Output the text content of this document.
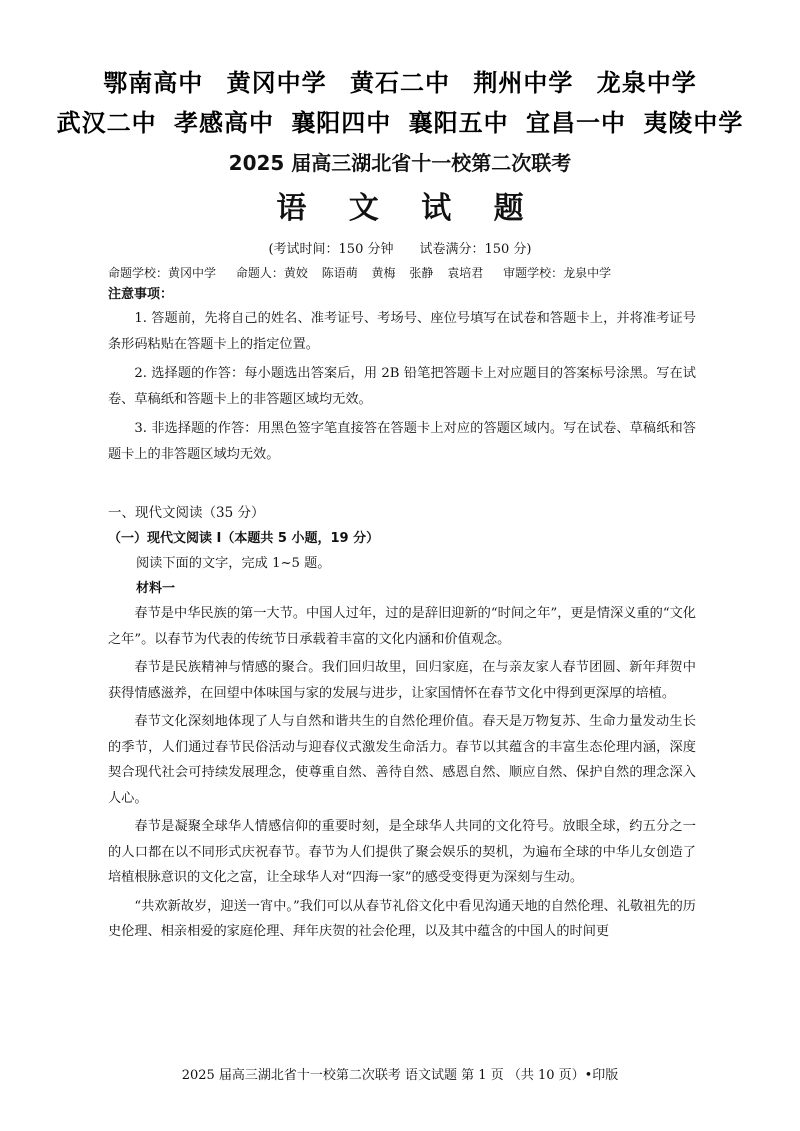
鄂南高中 黄冈中学 黄石二中 荆州中学 龙泉中学
武汉二中 孝感高中 襄阳四中 襄阳五中 宜昌一中 夷陵中学
2025 届高三湖北省十一校第二次联考
语 文 试 题
(考试时间：150 分钟　　试卷满分：150 分)
命题学校：黄冈中学 命题人：黄姣 陈语萌 黄梅 张静 袁培君 审题学校：龙泉中学
注意事项：

1. 答题前，先将自己的姓名、准考证号、考场号、座位号填写在试卷和答题卡上，并将准考证号条形码粘贴在答题卡上的指定位置。

2. 选择题的作答：每小题选出答案后，用 2B 铅笔把答题卡上对应题目的答案标号涂黑。写在试卷、草稿纸和答题卡上的非答题区域均无效。

3. 非选择题的作答：用黑色签字笔直接答在答题卡上对应的答题区域内。写在试卷、草稿纸和答题卡上的非答题区域均无效。

一、现代文阅读（35 分）
（一）现代文阅读 I（本题共 5 小题，19 分）
阅读下面的文字，完成 1~5 题。
材料一

春节是中华民族的第一大节。中国人过年，过的是辞旧迎新的“时间之年”，更是情深义重的“文化之年”。以春节为代表的传统节日承载着丰富的文化内涵和价值观念。

春节是民族精神与情感的聚合。我们回归故里，回归家庭，在与亲友家人春节团圆、新年拜贺中获得情感滋养，在回望中体味国与家的发展与进步，让家国情怀在春节文化中得到更深厚的培植。

春节文化深刻地体现了人与自然和谐共生的自然伦理价值。春天是万物复苏、生命力量发动生长的季节，人们通过春节民俗活动与迎春仪式激发生命活力。春节以其蕴含的丰富生态伦理内涵，深度契合现代社会可持续发展理念，使尊重自然、善待自然、感恩自然、顺应自然、保护自然的理念深入人心。

春节是凝聚全球华人情感信仰的重要时刻，是全球华人共同的文化符号。放眼全球，约五分之一的人口都在以不同形式庆祝春节。春节为人们提供了聚会娱乐的契机，为遍布全球的中华儿女创造了培植根脉意识的文化之富，让全球华人对“四海一家”的感受变得更为深刻与生动。

“共欢新故岁，迎送一宵中。”我们可以从春节礼俗文化中看见沟通天地的自然伦理、礼敬祖先的历史伦理、相亲相爱的家庭伦理、拜年庆贺的社会伦理，以及其中蕴含的中国人的时间更

2025 届高三湖北省十一校第二次联考 语文试题 第 1 页 （共 10 页）•印版
